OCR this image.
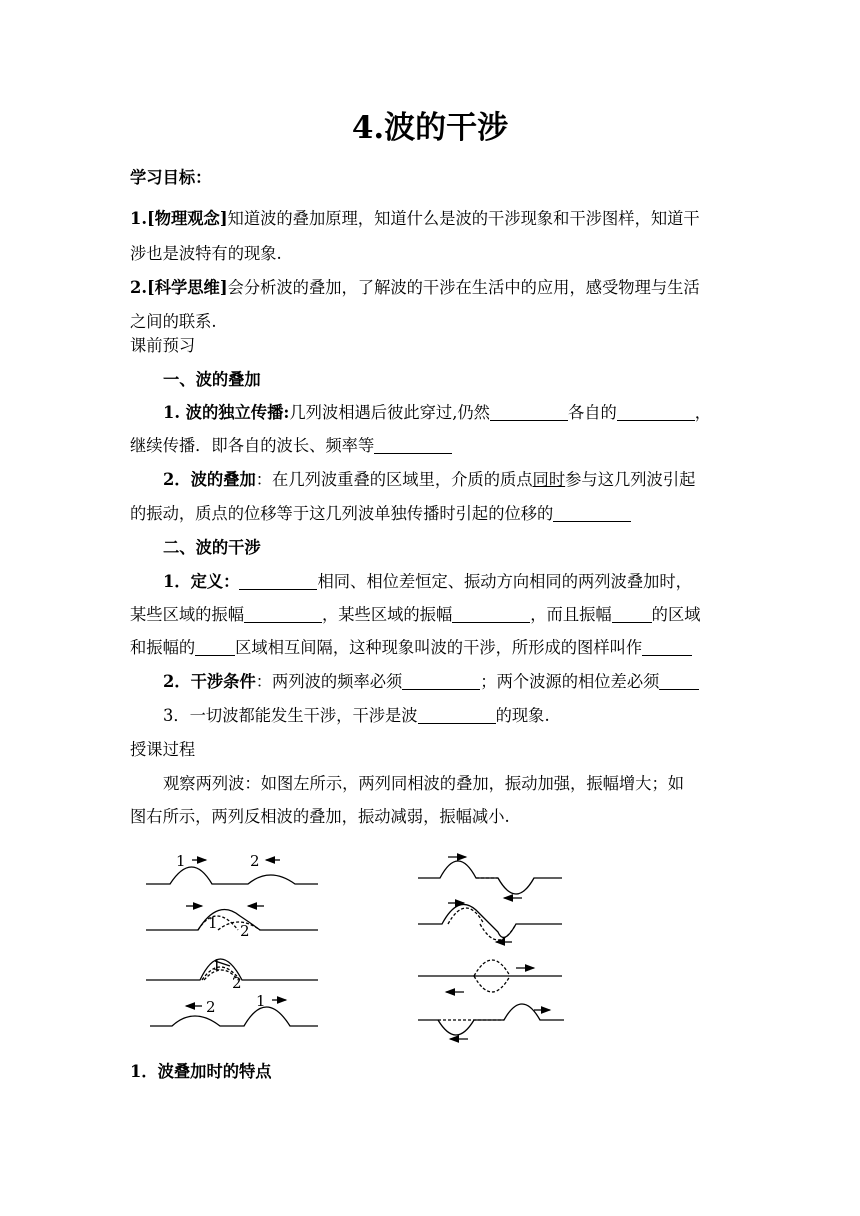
4.波的干涉
学习目标：
1.[物理观念]知道波的叠加原理，知道什么是波的干涉现象和干涉图样，知道干
涉也是波特有的现象.
2.[科学思维]会分析波的叠加，了解波的干涉在生活中的应用，感受物理与生活
之间的联系.
课前预习
一、波的叠加
1. 波的独立传播:几列波相遇后彼此穿过,仍然	各自的	，
继续传播．即各自的波长、频率等
2．波的叠加：在几列波重叠的区域里，介质的质点同时参与这几列波引起
的振动，质点的位移等于这几列波单独传播时引起的位移的
二、波的干涉
1．定义：	相同、相位差恒定、振动方向相同的两列波叠加时，
某些区域的振幅	，某些区域的振幅	，而且振幅 的区域
和振幅的 区域相互间隔，这种现象叫波的干涉，所形成的图样叫作
2．干涉条件：两列波的频率必须	；两个波源的相位差必须
3．一切波都能发生干涉，干涉是波	的现象.
授课过程
观察两列波：如图左所示，两列同相波的叠加，振动加强，振幅增大；如
图右所示，两列反相波的叠加，振动减弱，振幅减小.
1	2
1 2
1
2
2	1
1．波叠加时的特点
